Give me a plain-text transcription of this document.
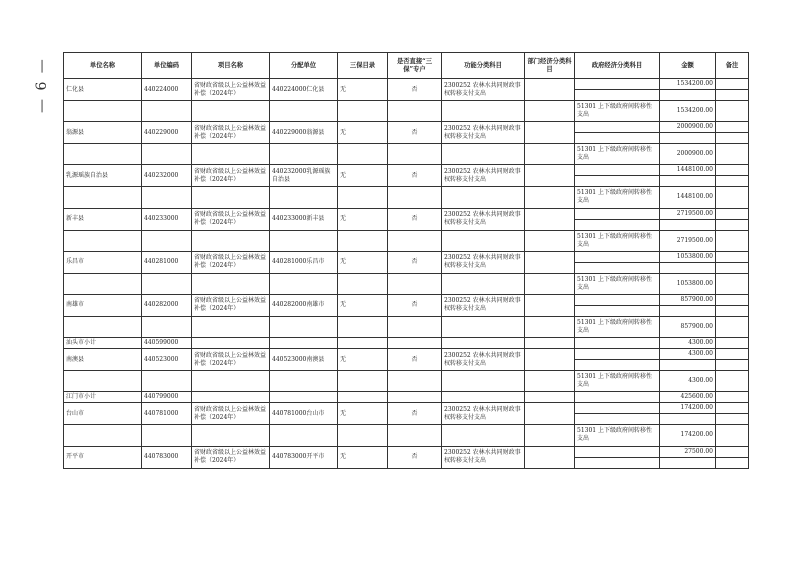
— 6 —	单位名称	单位编码	项目名称	分配单位	三保目录	是否直接“三保”专户	功能分类科目	部门经济分类科目	政府经济分类科目	金额	备注
仁化县	440224000	省财政省级以上公益林效益补偿（2024年）	440224000仁化县	无	否	2300252 农林水共同财政事权转移支付支出			1534200.00	

								51301 上下级政府间转移性支出	1534200.00	

翁源县	440229000	省财政省级以上公益林效益补偿（2024年）	440229000翁源县	无	否	2300252 农林水共同财政事权转移支付支出			2000900.00	

								51301 上下级政府间转移性支出	2000900.00	

乳源瑶族自治县	440232000	省财政省级以上公益林效益补偿（2024年）	440232000乳源瑶族自治县	无	否	2300252 农林水共同财政事权转移支付支出			1448100.00	

								51301 上下级政府间转移性支出	1448100.00	

新丰县	440233000	省财政省级以上公益林效益补偿（2024年）	440233000新丰县	无	否	2300252 农林水共同财政事权转移支付支出			2719500.00	

								51301 上下级政府间转移性支出	2719500.00	

乐昌市	440281000	省财政省级以上公益林效益补偿（2024年）	440281000乐昌市	无	否	2300252 农林水共同财政事权转移支付支出			1053800.00	

								51301 上下级政府间转移性支出	1053800.00	

南雄市	440282000	省财政省级以上公益林效益补偿（2024年）	440282000南雄市	无	否	2300252 农林水共同财政事权转移支付支出			857900.00	

								51301 上下级政府间转移性支出	857900.00	

汕头市小计	440599000								4300.00	
南澳县	440523000	省财政省级以上公益林效益补偿（2024年）	440523000南澳县	无	否	2300252 农林水共同财政事权转移支付支出			4300.00	

								51301 上下级政府间转移性支出	4300.00	

江门市小计	440799000								425600.00	
台山市	440781000	省财政省级以上公益林效益补偿（2024年）	440781000台山市	无	否	2300252 农林水共同财政事权转移支付支出			174200.00	

								51301 上下级政府间转移性支出	174200.00	

开平市	440783000	省财政省级以上公益林效益补偿（2024年）	440783000开平市	无	否	2300252 农林水共同财政事权转移支付支出			27500.00	
